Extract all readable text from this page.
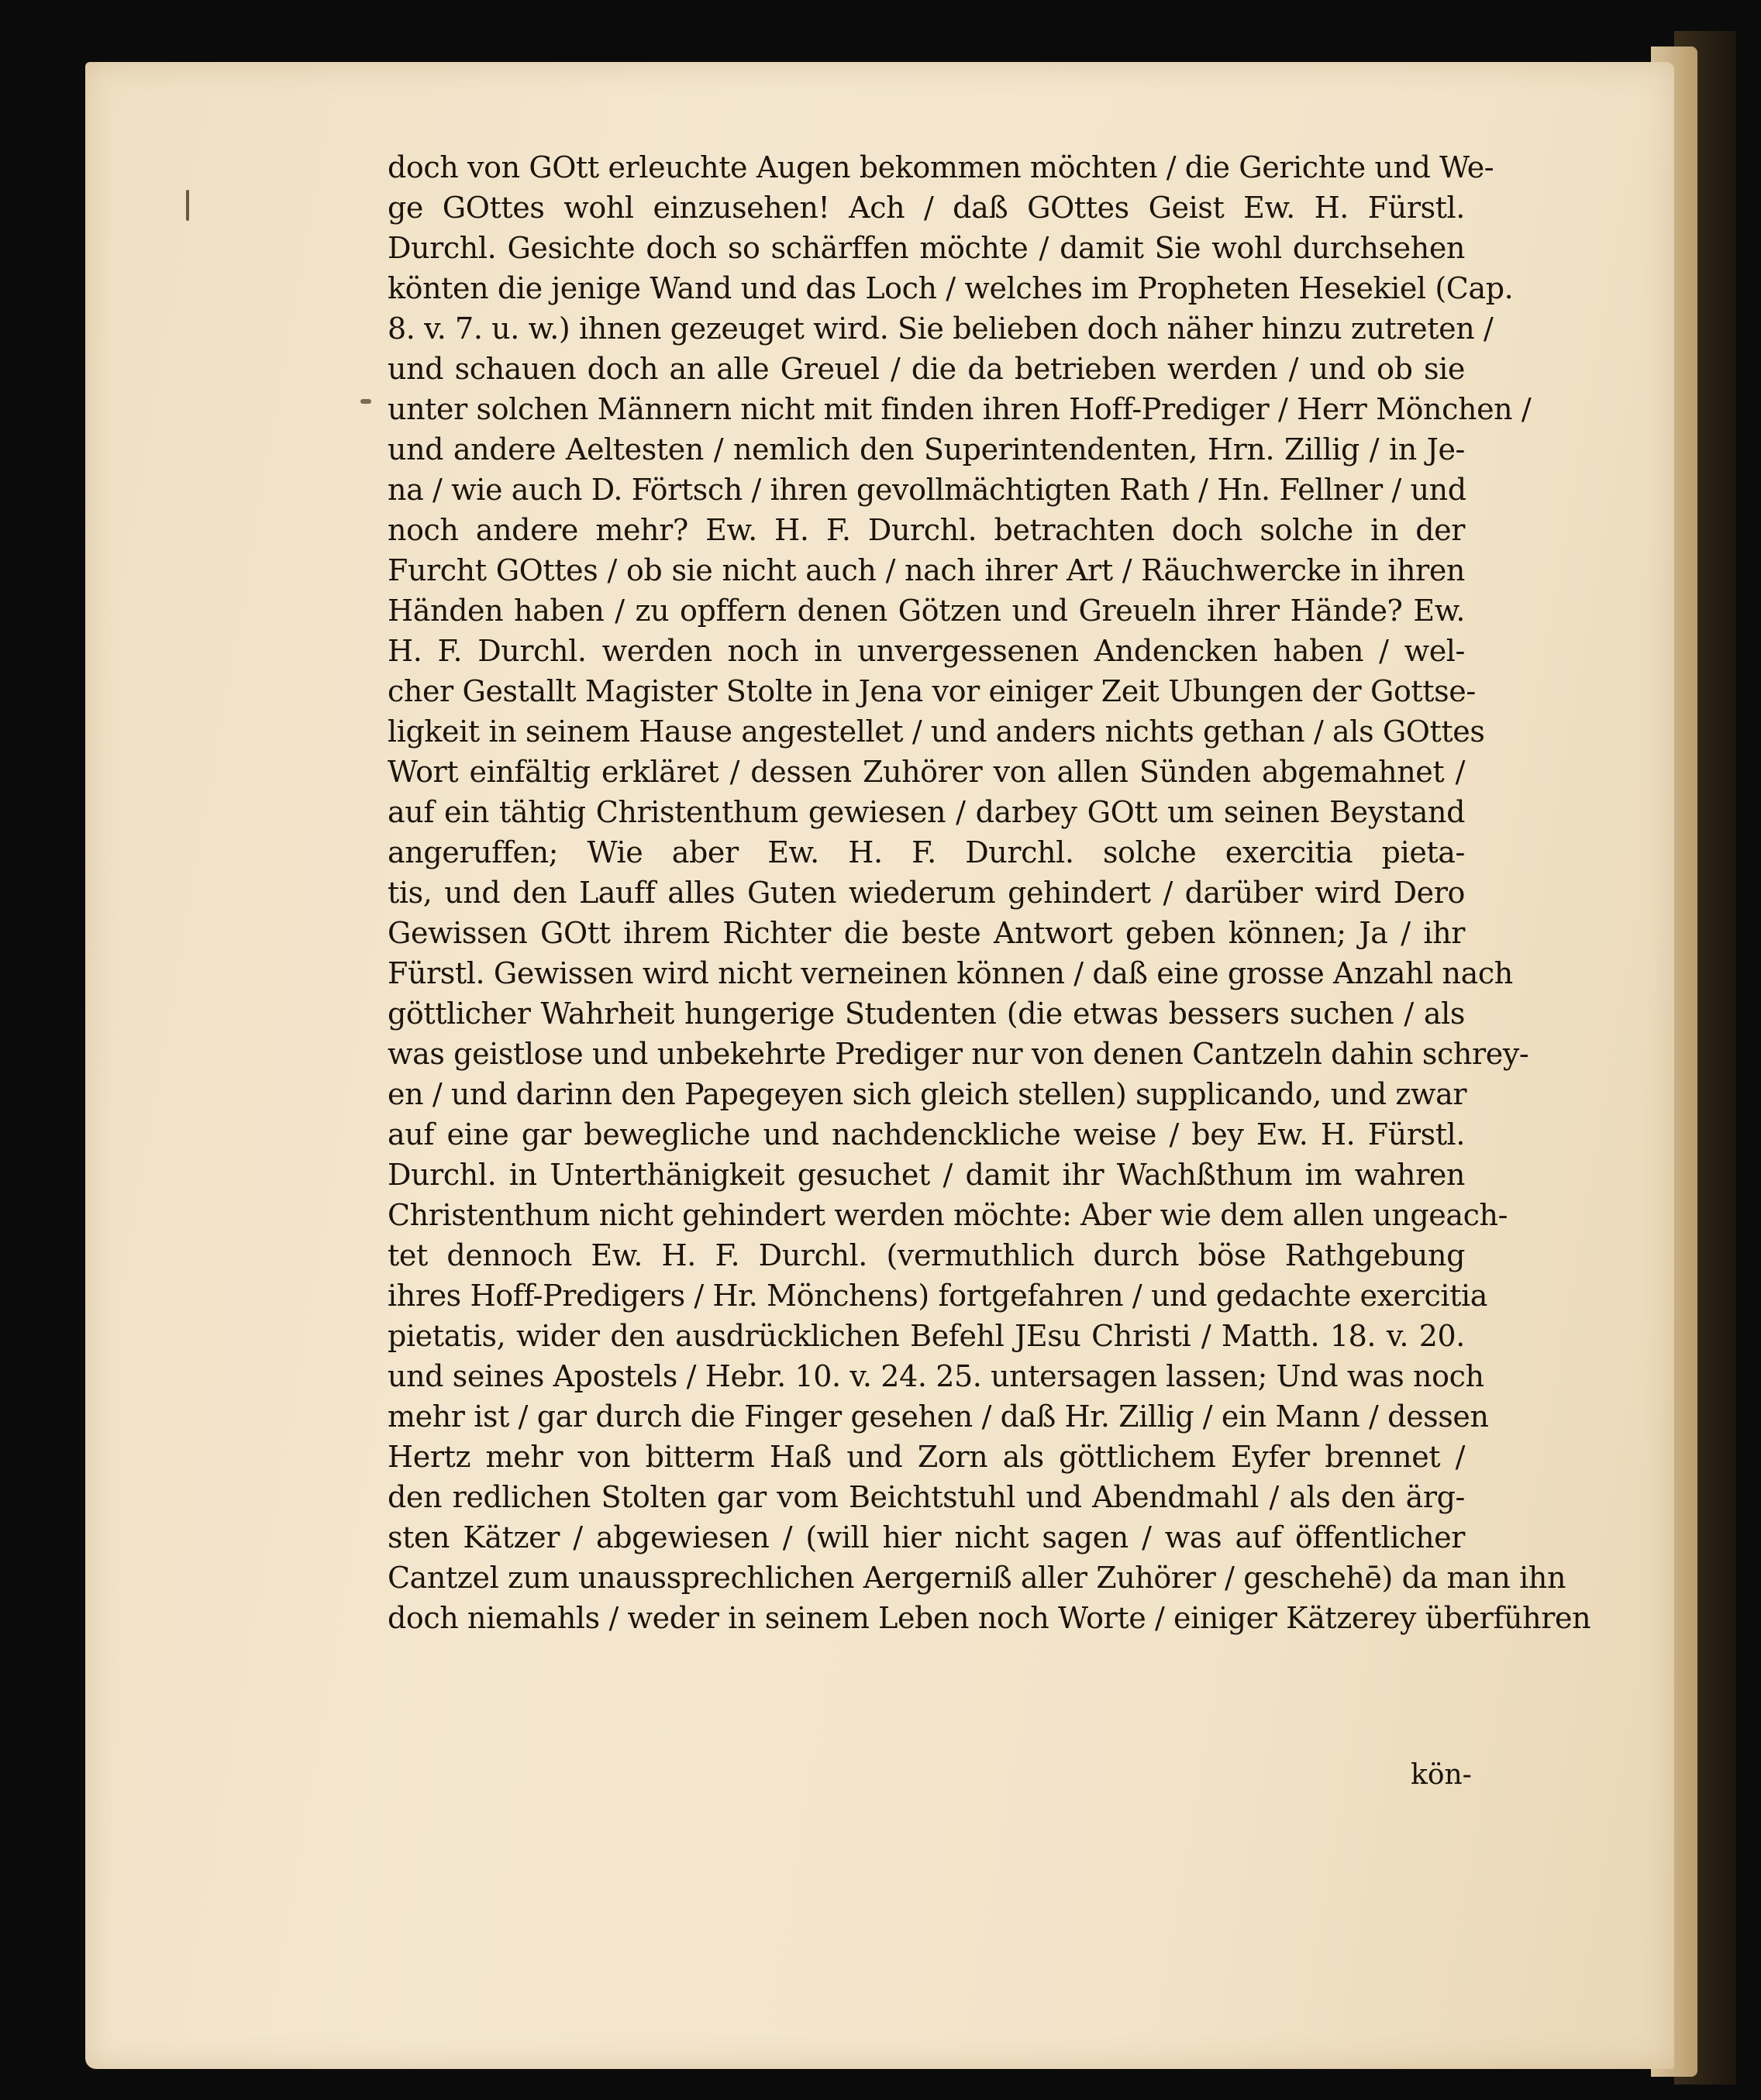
doch von GOtt erleuchte Augen bekommen möchten / die Gerichte und We-
ge GOttes wohl einzusehen! Ach / daß GOttes Geist Ew. H. Fürstl.
Durchl. Gesichte doch so schärffen möchte / damit Sie wohl durchsehen
könten die jenige Wand und das Loch / welches im Propheten Hesekiel (Cap.
8. v. 7. u. w.) ihnen gezeuget wird. Sie belieben doch näher hinzu zutreten /
und schauen doch an alle Greuel / die da betrieben werden / und ob sie
unter solchen Männern nicht mit finden ihren Hoff-Prediger / Herr Mönchen /
und andere Aeltesten / nemlich den Superintendenten, Hrn. Zillig / in Je-
na / wie auch D. Förtsch / ihren gevollmächtigten Rath / Hn. Fellner / und
noch andere mehr? Ew. H. F. Durchl. betrachten doch solche in der
Furcht GOttes / ob sie nicht auch / nach ihrer Art / Räuchwercke in ihren
Händen haben / zu opffern denen Götzen und Greueln ihrer Hände? Ew.
H. F. Durchl. werden noch in unvergessenen Andencken haben / wel-
cher Gestallt Magister Stolte in Jena vor einiger Zeit Ubungen der Gottse-
ligkeit in seinem Hause angestellet / und anders nichts gethan / als GOttes
Wort einfältig erkläret / dessen Zuhörer von allen Sünden abgemahnet /
auf ein tähtig Christenthum gewiesen / darbey GOtt um seinen Beystand
angeruffen; Wie aber Ew. H. F. Durchl. solche exercitia pieta-
tis, und den Lauff alles Guten wiederum gehindert / darüber wird Dero
Gewissen GOtt ihrem Richter die beste Antwort geben können; Ja / ihr
Fürstl. Gewissen wird nicht verneinen können / daß eine grosse Anzahl nach
göttlicher Wahrheit hungerige Studenten (die etwas bessers suchen / als
was geistlose und unbekehrte Prediger nur von denen Cantzeln dahin schrey-
en / und darinn den Papegeyen sich gleich stellen) supplicando, und zwar
auf eine gar bewegliche und nachdenckliche weise / bey Ew. H. Fürstl.
Durchl. in Unterthänigkeit gesuchet / damit ihr Wachßthum im wahren
Christenthum nicht gehindert werden möchte: Aber wie dem allen ungeach-
tet dennoch Ew. H. F. Durchl. (vermuthlich durch böse Rathgebung
ihres Hoff-Predigers / Hr. Mönchens) fortgefahren / und gedachte exercitia
pietatis, wider den ausdrücklichen Befehl JEsu Christi / Matth. 18. v. 20.
und seines Apostels / Hebr. 10. v. 24. 25. untersagen lassen; Und was noch
mehr ist / gar durch die Finger gesehen / daß Hr. Zillig / ein Mann / dessen
Hertz mehr von bitterm Haß und Zorn als göttlichem Eyfer brennet /
den redlichen Stolten gar vom Beichtstuhl und Abendmahl / als den ärg-
sten Kätzer / abgewiesen / (will hier nicht sagen / was auf öffentlicher
Cantzel zum unaussprechlichen Aergerniß aller Zuhörer / geschehē) da man ihn
doch niemahls / weder in seinem Leben noch Worte / einiger Kätzerey überführen
kön-
